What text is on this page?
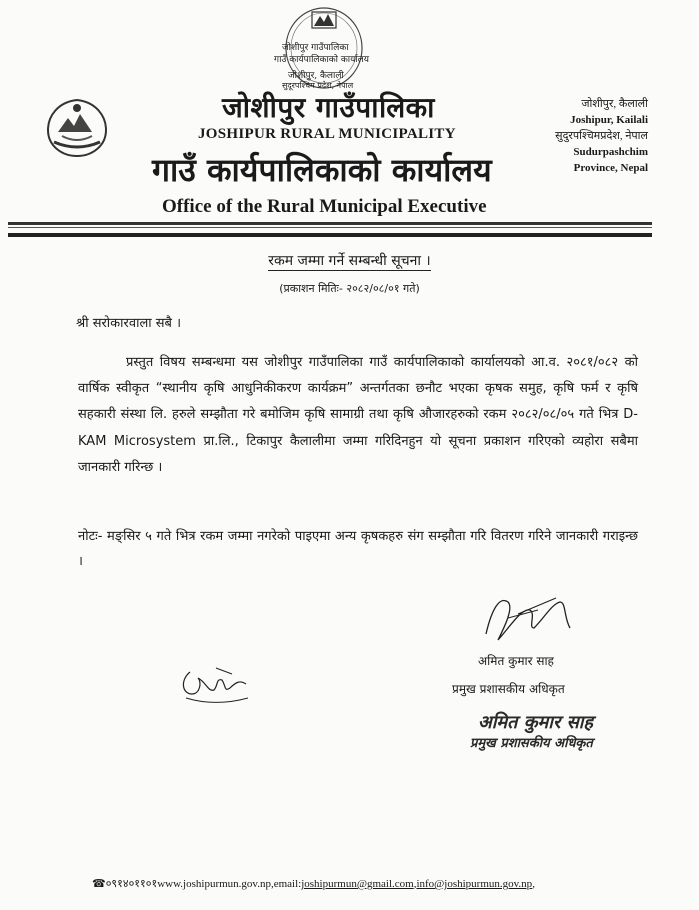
जोशीपुर गाउँपालिका
गाउँ कार्यपालिकाको कार्यालय
जोशीपुर, कैलाली
सुदूरपश्चिम प्रदेश, नेपाल
जोशीपुर गाउँपालिका
JOSHIPUR RURAL MUNICIPALITY
गाउँ कार्यपालिकाको कार्यालय
Office of the Rural Municipal Executive
जोशीपुर, कैलाली
Joshipur, Kailali
सुदुरपश्चिमप्रदेश, नेपाल
Sudurpashchim
Province, Nepal
रकम जम्मा गर्ने सम्बन्धी सूचना ।
(प्रकाशन मितिः- २०८२/०८/०१ गते)
श्री सरोकारवाला सबै ।
प्रस्तुत विषय सम्बन्धमा यस जोशीपुर गाउँपालिका गाउँ कार्यपालिकाको कार्यालयको आ.व. २०८१/०८२ को वार्षिक स्वीकृत “स्थानीय कृषि आधुनिकीकरण कार्यक्रम” अन्तर्गतका छनौट भएका कृषक समुह, कृषि फर्म र कृषि सहकारी संस्था लि. हरुले सम्झौता गरे बमोजिम कृषि सामाग्री तथा कृषि औजारहरुको रकम २०८२/०८/०५ गते भित्र D-KAM Microsystem प्रा.लि., टिकापुर कैलालीमा जम्मा गरिदिनहुन यो सूचना प्रकाशन गरिएको व्यहोरा सबैमा जानकारी गरिन्छ ।
नोटः- मङ्सिर ५ गते भित्र रकम जम्मा नगरेको पाइएमा अन्य कृषकहरु संग सम्झौता गरि वितरण गरिने जानकारी गराइन्छ ।
अमित कुमार साह
प्रमुख प्रशासकीय अधिकृत
अमित कुमार साह
प्रमुख प्रशासकीय अधिकृत
☎०९१४०११०१www.joshipurmun.gov.np,email:joshipurmun@gmail.com,info@joshipurmun.gov.np,
